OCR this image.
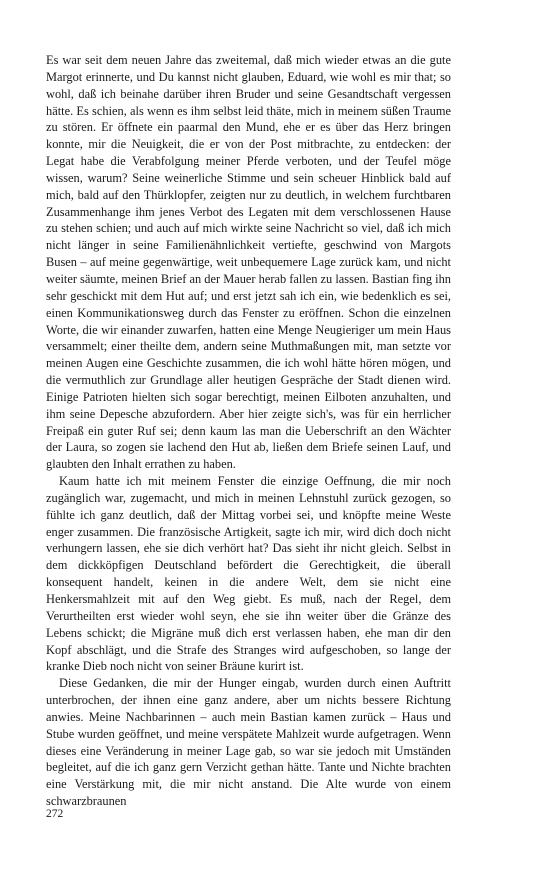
Es war seit dem neuen Jahre das zweitemal, daß mich wieder etwas an die gute Margot erinnerte, und Du kannst nicht glauben, Eduard, wie wohl es mir that; so wohl, daß ich beinahe darüber ihren Bruder und seine Gesandtschaft vergessen hätte. Es schien, als wenn es ihm selbst leid thäte, mich in meinem süßen Traume zu stören. Er öffnete ein paarmal den Mund, ehe er es über das Herz bringen konnte, mir die Neuigkeit, die er von der Post mitbrachte, zu entdecken: der Legat habe die Verabfolgung meiner Pferde verboten, und der Teufel möge wissen, warum? Seine weinerliche Stimme und sein scheuer Hinblick bald auf mich, bald auf den Thürklopfer, zeigten nur zu deutlich, in welchem furchtbaren Zusammenhange ihm jenes Verbot des Legaten mit dem verschlossenen Hause zu stehen schien; und auch auf mich wirkte seine Nachricht so viel, daß ich mich nicht länger in seine Familienähnlichkeit vertiefte, geschwind von Margots Busen – auf meine gegenwärtige, weit unbequemere Lage zurück kam, und nicht weiter säumte, meinen Brief an der Mauer herab fallen zu lassen. Bastian fing ihn sehr geschickt mit dem Hut auf; und erst jetzt sah ich ein, wie bedenklich es sei, einen Kommunikationsweg durch das Fenster zu eröffnen. Schon die einzelnen Worte, die wir einander zuwarfen, hatten eine Menge Neugieriger um mein Haus versammelt; einer theilte dem, andern seine Muthmaßungen mit, man setzte vor meinen Augen eine Geschichte zusammen, die ich wohl hätte hören mögen, und die vermuthlich zur Grundlage aller heutigen Gespräche der Stadt dienen wird. Einige Patrioten hielten sich sogar berechtigt, meinen Eilboten anzuhalten, und ihm seine Depesche abzufordern. Aber hier zeigte sich's, was für ein herrlicher Freipaß ein guter Ruf sei; denn kaum las man die Ueberschrift an den Wächter der Laura, so zogen sie lachend den Hut ab, ließen dem Briefe seinen Lauf, und glaubten den Inhalt errathen zu haben.

Kaum hatte ich mit meinem Fenster die einzige Oeffnung, die mir noch zugänglich war, zugemacht, und mich in meinen Lehnstuhl zurück gezogen, so fühlte ich ganz deutlich, daß der Mittag vorbei sei, und knöpfte meine Weste enger zusammen. Die französische Artigkeit, sagte ich mir, wird dich doch nicht verhungern lassen, ehe sie dich verhört hat? Das sieht ihr nicht gleich. Selbst in dem dickköpfigen Deutschland befördert die Gerechtigkeit, die überall konsequent handelt, keinen in die andere Welt, dem sie nicht eine Henkersmahlzeit mit auf den Weg giebt. Es muß, nach der Regel, dem Verurtheilten erst wieder wohl seyn, ehe sie ihn weiter über die Gränze des Lebens schickt; die Migräne muß dich erst verlassen haben, ehe man dir den Kopf abschlägt, und die Strafe des Stranges wird aufgeschoben, so lange der kranke Dieb noch nicht von seiner Bräune kurirt ist.

Diese Gedanken, die mir der Hunger eingab, wurden durch einen Auftritt unterbrochen, der ihnen eine ganz andere, aber um nichts bessere Richtung anwies. Meine Nachbarinnen – auch mein Bastian kamen zurück – Haus und Stube wurden geöffnet, und meine verspätete Mahlzeit wurde aufgetragen. Wenn dieses eine Veränderung in meiner Lage gab, so war sie jedoch mit Umständen begleitet, auf die ich ganz gern Verzicht gethan hätte. Tante und Nichte brachten eine Verstärkung mit, die mir nicht anstand. Die Alte wurde von einem schwarzbraunen

272
